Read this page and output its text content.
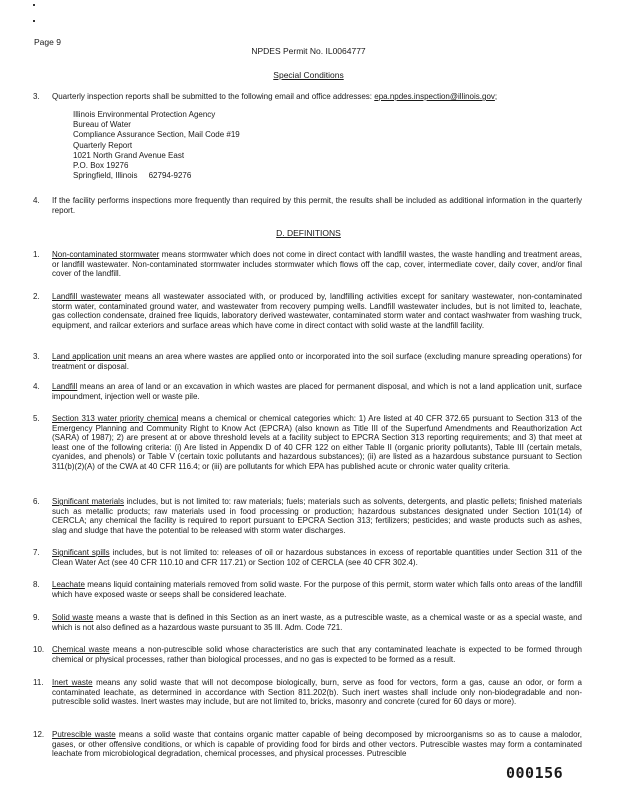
Page 9
NPDES Permit No. IL0064777
Special Conditions
3. Quarterly inspection reports shall be submitted to the following email and office addresses: epa.npdes.inspection@illinois.gov;
Illinois Environmental Protection Agency
Bureau of Water
Compliance Assurance Section, Mail Code #19
Quarterly Report
1021 North Grand Avenue East
P.O. Box 19276
Springfield, Illinois     62794-9276
4. If the facility performs inspections more frequently than required by this permit, the results shall be included as additional information in the quarterly report.
D. DEFINITIONS
1. Non-contaminated stormwater means stormwater which does not come in direct contact with landfill wastes, the waste handling and treatment areas, or landfill wastewater. Non-contaminated stormwater includes stormwater which flows off the cap, cover, intermediate cover, daily cover, and/or final cover of the landfill.
2. Landfill wastewater means all wastewater associated with, or produced by, landfilling activities except for sanitary wastewater, non-contaminated storm water, contaminated ground water, and wastewater from recovery pumping wells. Landfill wastewater includes, but is not limited to, leachate, gas collection condensate, drained free liquids, laboratory derived wastewater, contaminated storm water and contact washwater from washing truck, equipment, and railcar exteriors and surface areas which have come in direct contact with solid waste at the landfill facility.
3. Land application unit means an area where wastes are applied onto or incorporated into the soil surface (excluding manure spreading operations) for treatment or disposal.
4. Landfill means an area of land or an excavation in which wastes are placed for permanent disposal, and which is not a land application unit, surface impoundment, injection well or waste pile.
5. Section 313 water priority chemical means a chemical or chemical categories which: 1) Are listed at 40 CFR 372.65 pursuant to Section 313 of the Emergency Planning and Community Right to Know Act (EPCRA) (also known as Title III of the Superfund Amendments and Reauthorization Act (SARA) of 1987); 2) are present at or above threshold levels at a facility subject to EPCRA Section 313 reporting requirements; and 3) that meet at least one of the following criteria: (i) Are listed in Appendix D of 40 CFR 122 on either Table II (organic priority pollutants), Table III (certain metals, cyanides, and phenols) or Table V (certain toxic pollutants and hazardous substances); (ii) are listed as a hazardous substance pursuant to Section 311(b)(2)(A) of the CWA at 40 CFR 116.4; or (iii) are pollutants for which EPA has published acute or chronic water quality criteria.
6. Significant materials includes, but is not limited to: raw materials; fuels; materials such as solvents, detergents, and plastic pellets; finished materials such as metallic products; raw materials used in food processing or production; hazardous substances designated under Section 101(14) of CERCLA; any chemical the facility is required to report pursuant to EPCRA Section 313; fertilizers; pesticides; and waste products such as ashes, slag and sludge that have the potential to be released with storm water discharges.
7. Significant spills includes, but is not limited to: releases of oil or hazardous substances in excess of reportable quantities under Section 311 of the Clean Water Act (see 40 CFR 110.10 and CFR 117.21) or Section 102 of CERCLA (see 40 CFR 302.4).
8. Leachate means liquid containing materials removed from solid waste. For the purpose of this permit, storm water which falls onto areas of the landfill which have exposed waste or seeps shall be considered leachate.
9. Solid waste means a waste that is defined in this Section as an inert waste, as a putrescible waste, as a chemical waste or as a special waste, and which is not also defined as a hazardous waste pursuant to 35 Ill. Adm. Code 721.
10. Chemical waste means a non-putrescible solid whose characteristics are such that any contaminated leachate is expected to be formed through chemical or physical processes, rather than biological processes, and no gas is expected to be formed as a result.
11. Inert waste means any solid waste that will not decompose biologically, burn, serve as food for vectors, form a gas, cause an odor, or form a contaminated leachate, as determined in accordance with Section 811.202(b). Such inert wastes shall include only non-biodegradable and non-putrescible solid wastes. Inert wastes may include, but are not limited to, bricks, masonry and concrete (cured for 60 days or more).
12. Putrescible waste means a solid waste that contains organic matter capable of being decomposed by microorganisms so as to cause a malodor, gases, or other offensive conditions, or which is capable of providing food for birds and other vectors. Putrescible wastes may form a contaminated leachate from microbiological degradation, chemical processes, and physical processes. Putrescible
000156
